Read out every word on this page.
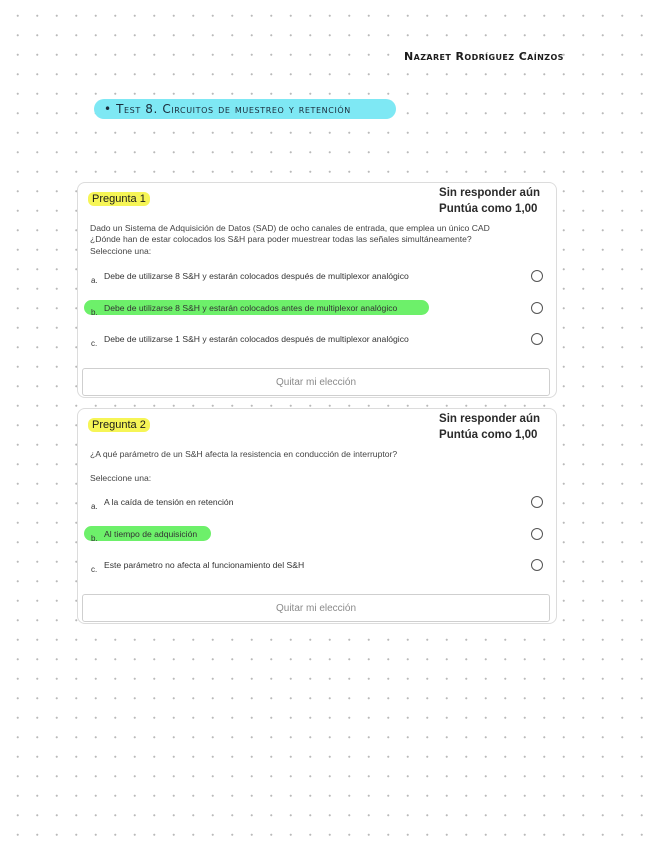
Nazaret Rodríguez Caínzos
• Test 8. Circuitos de muestreo y retención
Pregunta 1	Sin responder aún
Puntúa como 1,00
Dado un Sistema de Adquisición de Datos (SAD) de ocho canales de entrada, que emplea un único CAD
¿Dónde han de estar colocados los S&H para poder muestrear todas las señales simultáneamente?
Seleccione una:
a. Debe de utilizarse 8 S&H y estarán colocados después de multiplexor analógico
b. Debe de utilizarse 8 S&H y estarán colocados antes de multiplexor analógico
c. Debe de utilizarse 1 S&H y estarán colocados después de multiplexor analógico
Quitar mi elección
Pregunta 2	Sin responder aún
Puntúa como 1,00
¿A qué parámetro de un S&H afecta la resistencia en conducción de interruptor?
Seleccione una:
a. A la caída de tensión en retención
b. Al tiempo de adquisición
c. Este parámetro no afecta al funcionamiento del S&H
Quitar mi elección
